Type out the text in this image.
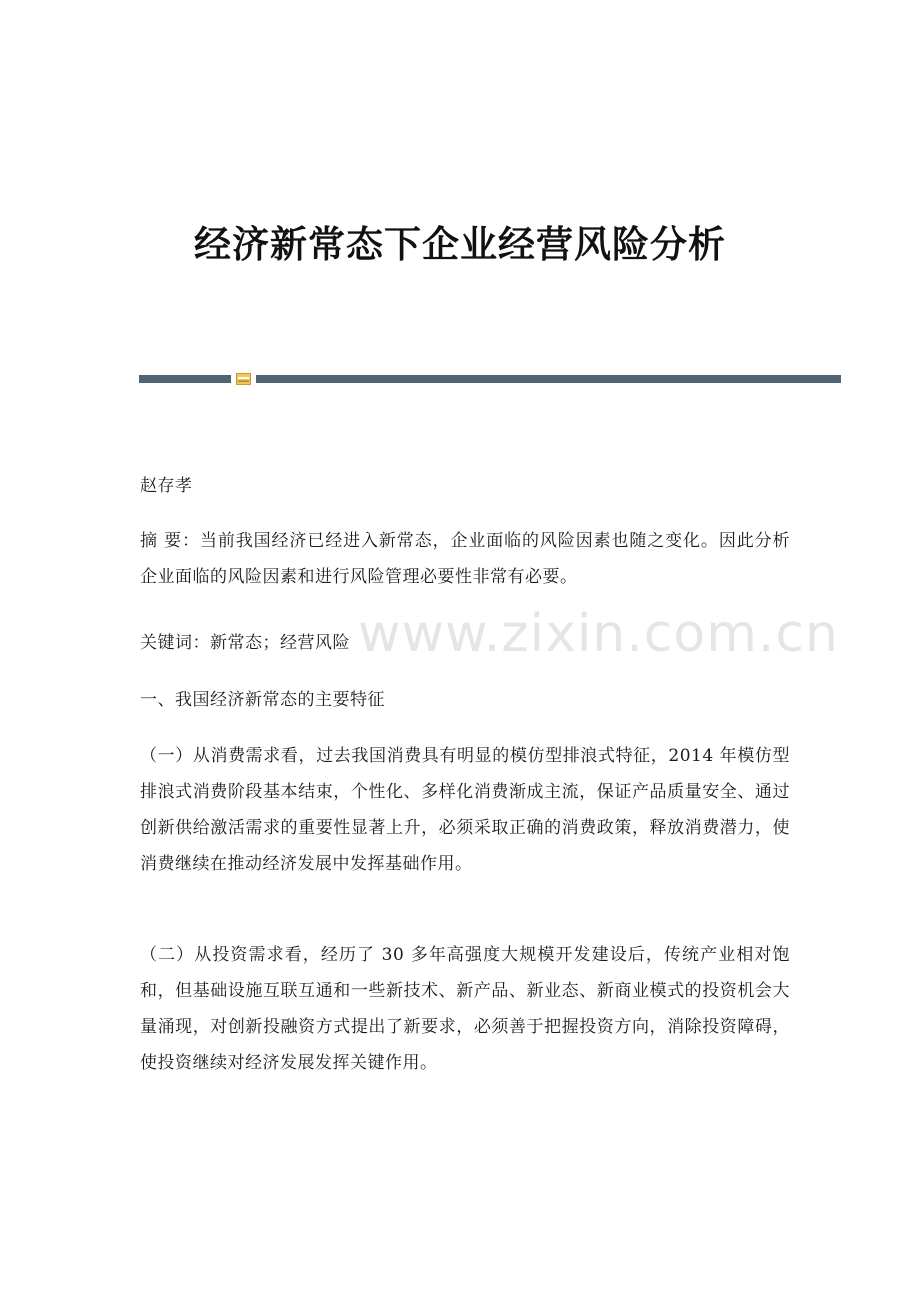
经济新常态下企业经营风险分析
www.zixin.com.cn

赵存孝

摘 要：当前我国经济已经进入新常态，企业面临的风险因素也随之变化。因此分析企业面临的风险因素和进行风险管理必要性非常有必要。

关键词：新常态；经营风险

一、我国经济新常态的主要特征

（一）从消费需求看，过去我国消费具有明显的模仿型排浪式特征，2014 年模仿型排浪式消费阶段基本结束，个性化、多样化消费渐成主流，保证产品质量安全、通过创新供给激活需求的重要性显著上升，必须采取正确的消费政策，释放消费潜力，使消费继续在推动经济发展中发挥基础作用。

（二）从投资需求看，经历了 30 多年高强度大规模开发建设后，传统产业相对饱和，但基础设施互联互通和一些新技术、新产品、新业态、新商业模式的投资机会大量涌现，对创新投融资方式提出了新要求，必须善于把握投资方向，消除投资障碍，使投资继续对经济发展发挥关键作用。
